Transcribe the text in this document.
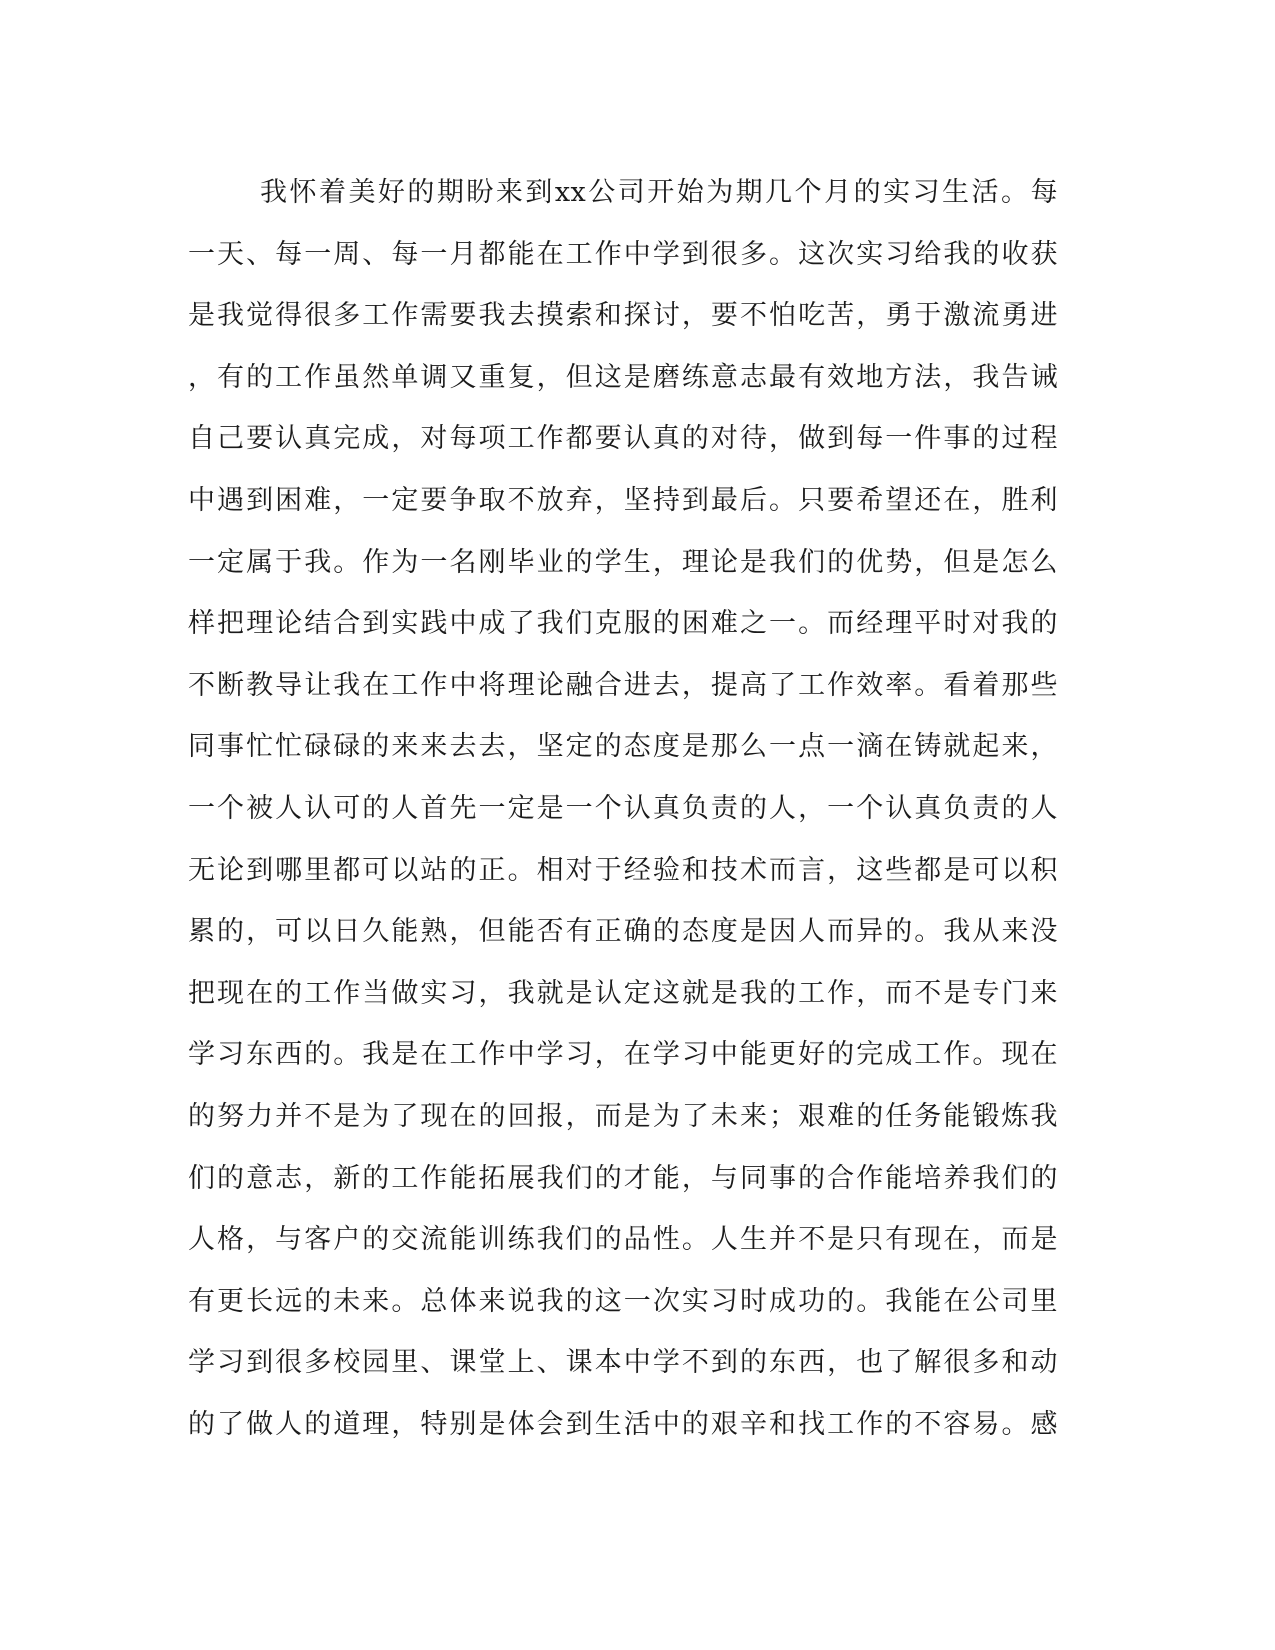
我怀着美好的期盼来到xx公司开始为期几个月的实习生活。每
一天、每一周、每一月都能在工作中学到很多。这次实习给我的收获
是我觉得很多工作需要我去摸索和探讨，要不怕吃苦，勇于激流勇进
，有的工作虽然单调又重复，但这是磨练意志最有效地方法，我告诫
自己要认真完成，对每项工作都要认真的对待，做到每一件事的过程
中遇到困难，一定要争取不放弃，坚持到最后。只要希望还在，胜利
一定属于我。作为一名刚毕业的学生，理论是我们的优势，但是怎么
样把理论结合到实践中成了我们克服的困难之一。而经理平时对我的
不断教导让我在工作中将理论融合进去，提高了工作效率。看着那些
同事忙忙碌碌的来来去去，坚定的态度是那么一点一滴在铸就起来，
一个被人认可的人首先一定是一个认真负责的人，一个认真负责的人
无论到哪里都可以站的正。相对于经验和技术而言，这些都是可以积
累的，可以日久能熟，但能否有正确的态度是因人而异的。我从来没
把现在的工作当做实习，我就是认定这就是我的工作，而不是专门来
学习东西的。我是在工作中学习，在学习中能更好的完成工作。现在
的努力并不是为了现在的回报，而是为了未来；艰难的任务能锻炼我
们的意志，新的工作能拓展我们的才能，与同事的合作能培养我们的
人格，与客户的交流能训练我们的品性。人生并不是只有现在，而是
有更长远的未来。总体来说我的这一次实习时成功的。我能在公司里
学习到很多校园里、课堂上、课本中学不到的东西，也了解很多和动
的了做人的道理，特别是体会到生活中的艰辛和找工作的不容易。感
